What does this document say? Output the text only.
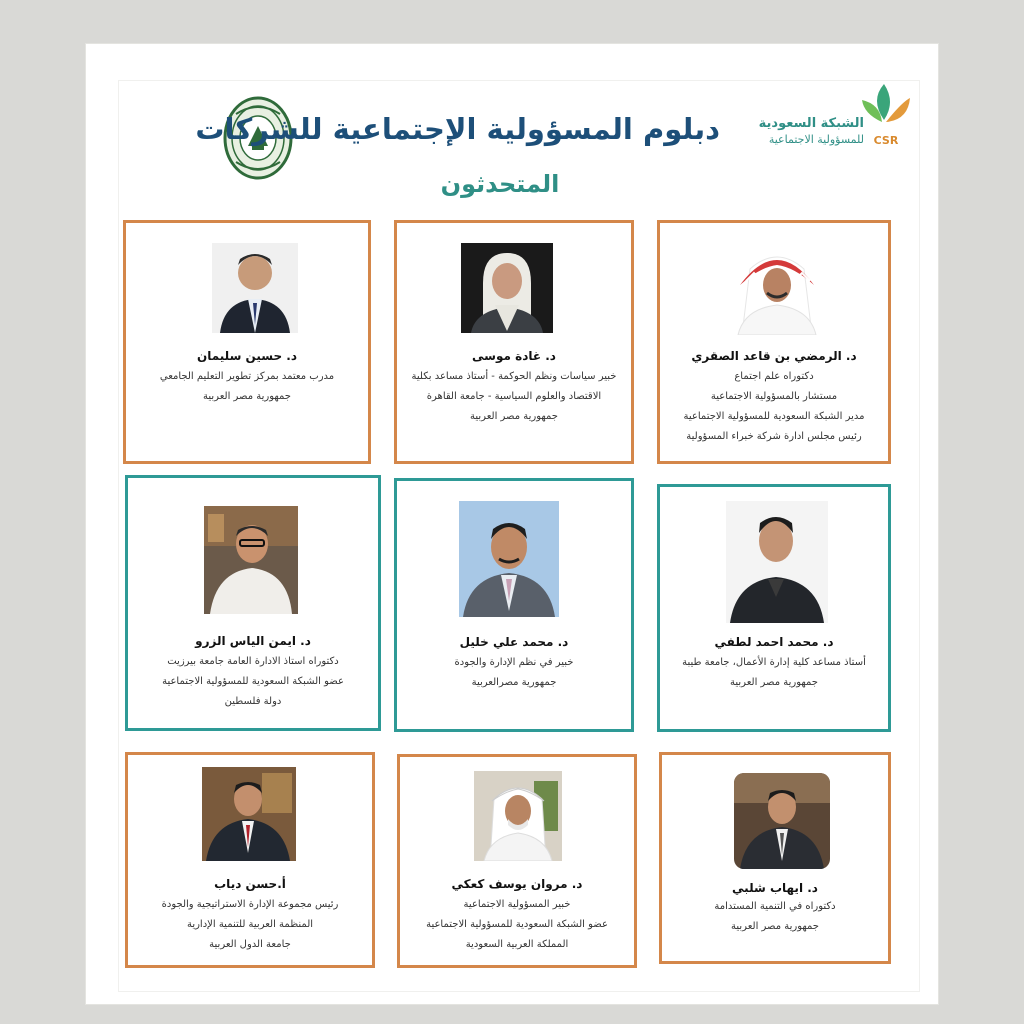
دبلوم المسؤولية الإجتماعية للشركات
المتحدثون
CSR
الشبكة السعودية
للمسؤولية الاجتماعية
د. حسين سليمان
مدرب معتمد بمركز تطوير التعليم الجامعي
جمهورية مصر العربية
د. غادة موسى
خبير سياسات ونظم الحوكمة - أستاذ مساعد بكلية
الاقتصاد والعلوم السياسية - جامعة القاهرة
جمهورية مصر العربية
د. الرمضي بن قاعد الصقري
دكتوراه علم اجتماع
مستشار بالمسؤولية الاجتماعية
مدير الشبكة السعودية للمسؤولية الاجتماعية
رئيس مجلس ادارة شركة خبراء المسؤولية
د. ايمن الياس الزرو
دكتوراه استاذ الادارة العامة جامعة بيرزيت
عضو الشبكة السعودية للمسؤولية الاجتماعية
دولة فلسطين
د. محمد علي خليل
خبير في نظم الإدارة والجودة
جمهورية مصرالعربية
د. محمد احمد لطفي
أستاذ مساعد كلية إدارة الأعمال، جامعة طيبة
جمهورية مصر العربية
أ.حسن دياب
رئيس مجموعة الإدارة الاستراتيجية والجودة
المنظمة العربية للتنمية الإدارية
جامعة الدول العربية
د. مروان يوسف كعكي
خبير المسؤولية الاجتماعية
عضو الشبكة السعودية للمسؤولية الاجتماعية
المملكة العربية السعودية
د. ايهاب شلبي
دكتوراه في التنمية المستدامة
جمهورية مصر العربية
